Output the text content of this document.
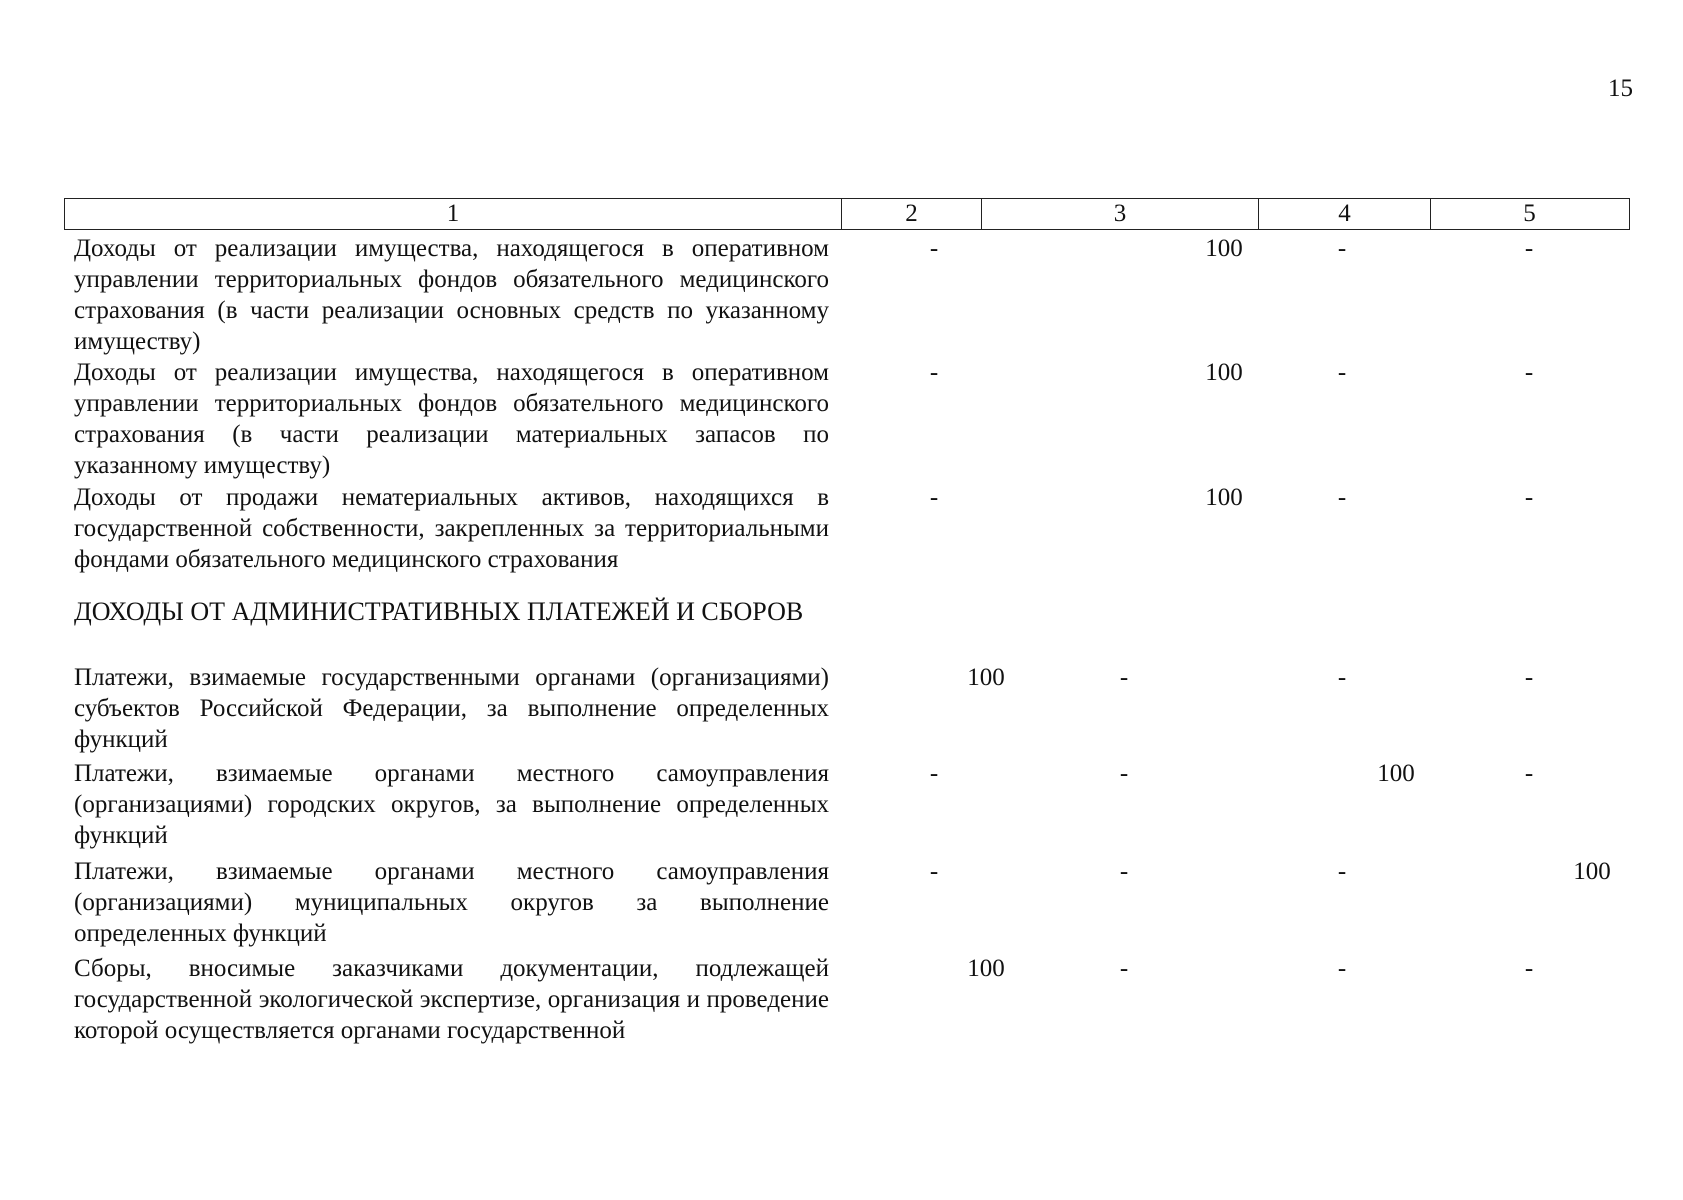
15
1	2	3	4	5
Доходы от реализации имущества, находящегося в оперативном управлении территориальных фондов обязательного медицинского страхования (в части реализации основных средств по указанному имуществу)
-	100	-	-
Доходы от реализации имущества, находящегося в оперативном управлении территориальных фондов обязательного медицинского страхования (в части реализации материальных запасов по указанному имуществу)
-	100	-	-
Доходы от продажи нематериальных активов, находящихся в государственной собственности, закрепленных за территориальными фондами обязательного медицинского страхования
-	100	-	-
ДОХОДЫ ОТ АДМИНИСТРАТИВНЫХ ПЛАТЕЖЕЙ И СБОРОВ
Платежи, взимаемые государственными органами (организациями) субъектов Российской Федерации, за выполнение определенных функций
100	-	-	-
Платежи, взимаемые органами местного самоуправления (организациями) городских округов, за выполнение определенных функций
-	-	100	-
Платежи, взимаемые органами местного самоуправления (организациями) муниципальных округов за выполнение определенных функций
-	-	-	100
Сборы, вносимые заказчиками документации, подлежащей государственной экологической экспертизе, организация и проведение которой осуществляется органами государственной
100	-	-	-
